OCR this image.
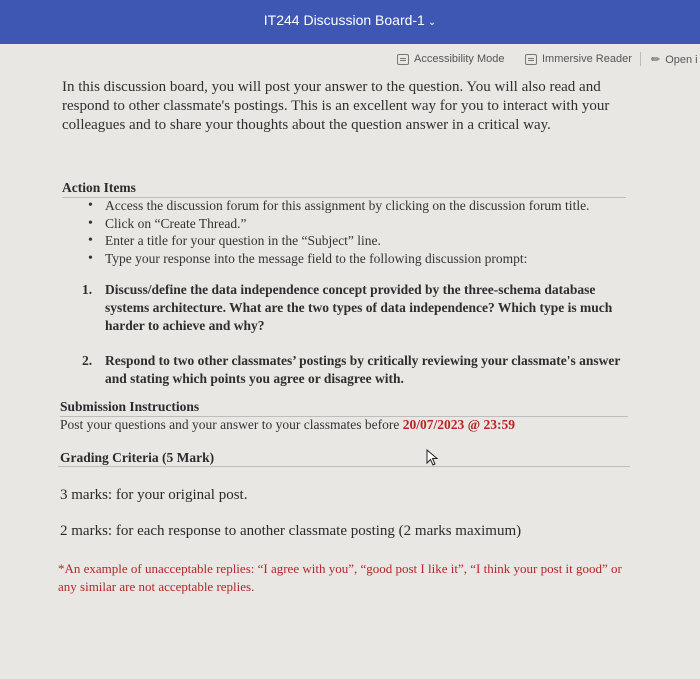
IT244 Discussion Board-1 ⌄
Accessibility Mode	Immersive Reader ✏ Open i
In this discussion board, you will post your answer to the question. You will also read and respond to other classmate's postings. This is an excellent way for you to interact with your colleagues and to share your thoughts about the question answer in a critical way.
Action Items
• Access the discussion forum for this assignment by clicking on the discussion forum title.
• Click on “Create Thread.”
• Enter a title for your question in the “Subject” line.
• Type your response into the message field to the following discussion prompt:
1. Discuss/define the data independence concept provided by the three-schema database systems architecture. What are the two types of data independence? Which type is much harder to achieve and why?
2. Respond to two other classmates’ postings by critically reviewing your classmate's answer and stating which points you agree or disagree with.
Submission Instructions
Post your questions and your answer to your classmates before 20/07/2023 @ 23:59
Grading Criteria (5 Mark)
3 marks: for your original post.
2 marks: for each response to another classmate posting (2 marks maximum)
*An example of unacceptable replies: “I agree with you”, “good post I like it”, “I think your post it good” or any similar are not acceptable replies.
